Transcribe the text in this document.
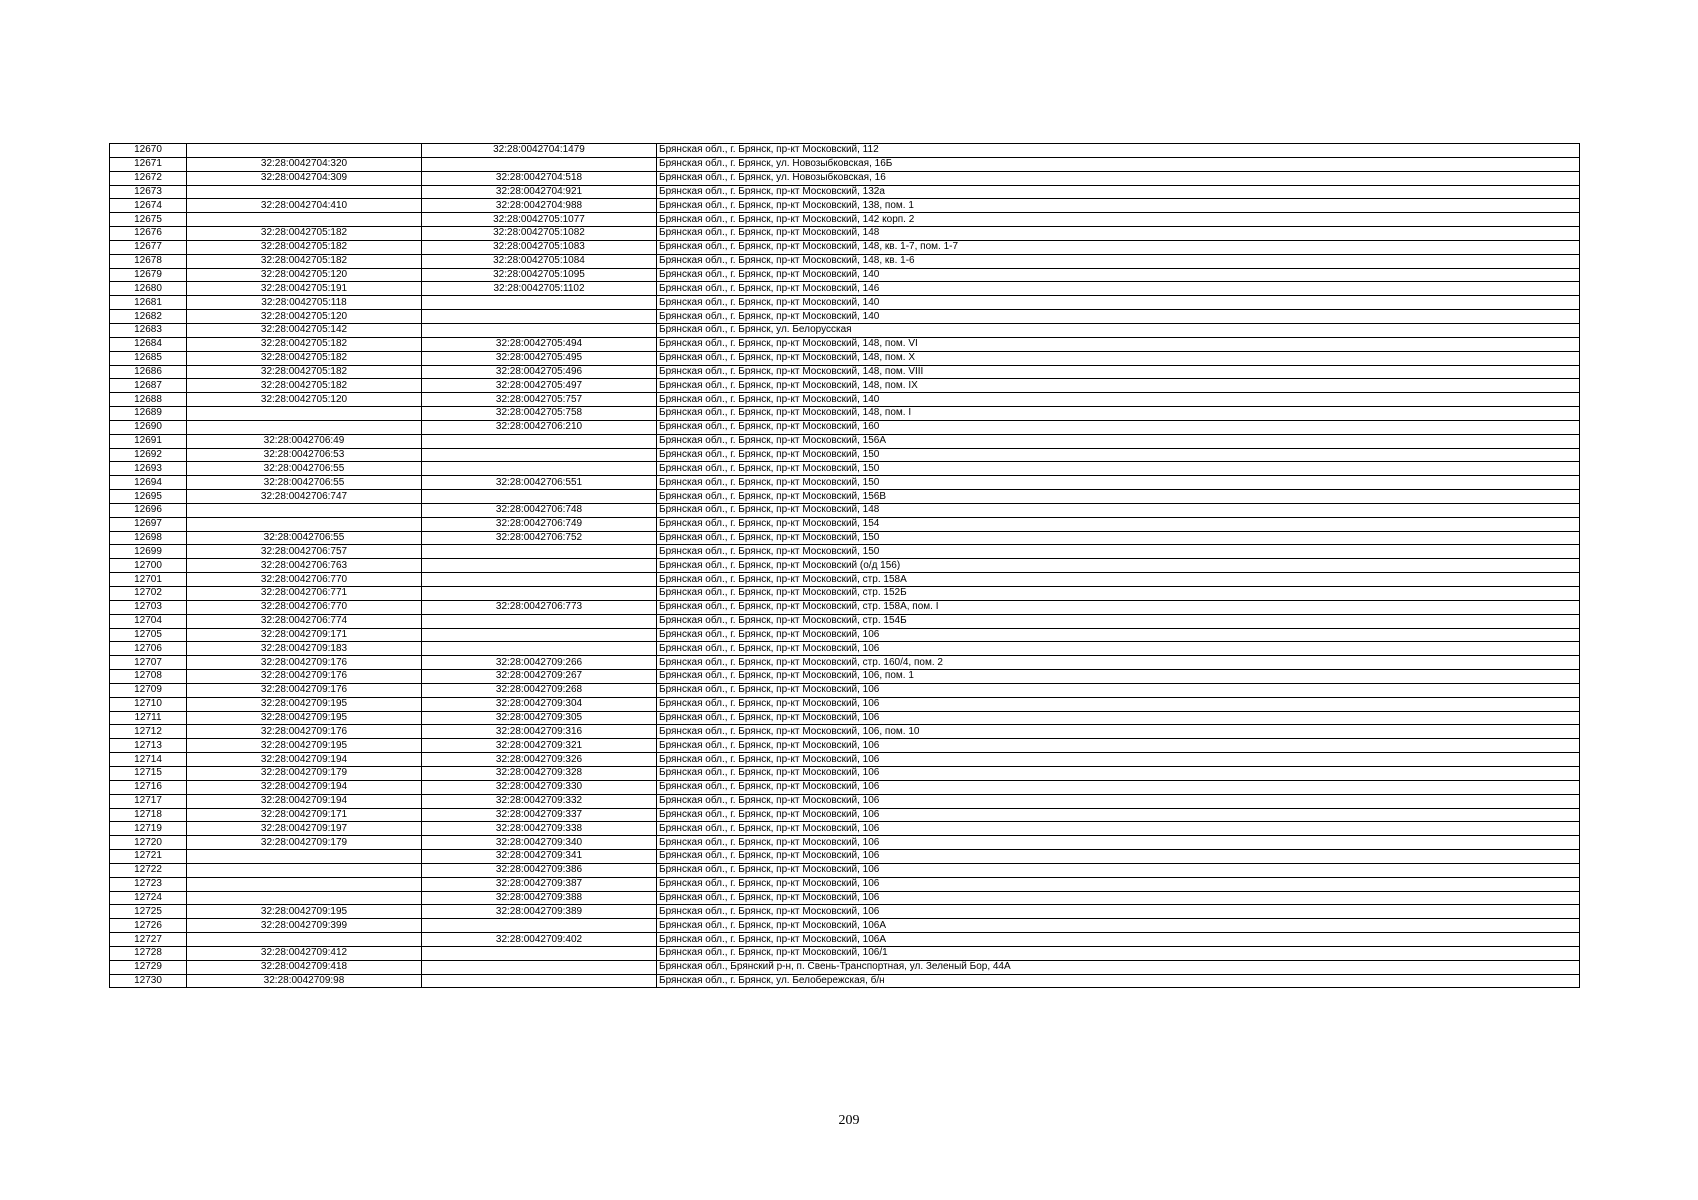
12670		32:28:0042704:1479	Брянская обл., г. Брянск, пр-кт Московский, 112
12671	32:28:0042704:320		Брянская обл., г. Брянск, ул. Новозыбковская, 16Б
12672	32:28:0042704:309	32:28:0042704:518	Брянская обл., г. Брянск, ул. Новозыбковская, 16
12673		32:28:0042704:921	Брянская обл., г. Брянск, пр-кт Московский, 132а
12674	32:28:0042704:410	32:28:0042704:988	Брянская обл., г. Брянск, пр-кт Московский, 138, пом. 1
12675		32:28:0042705:1077	Брянская обл., г. Брянск, пр-кт Московский, 142 корп. 2
12676	32:28:0042705:182	32:28:0042705:1082	Брянская обл., г. Брянск, пр-кт Московский, 148
12677	32:28:0042705:182	32:28:0042705:1083	Брянская обл., г. Брянск, пр-кт Московский, 148, кв. 1-7, пом. 1-7
12678	32:28:0042705:182	32:28:0042705:1084	Брянская обл., г. Брянск, пр-кт Московский, 148, кв. 1-6
12679	32:28:0042705:120	32:28:0042705:1095	Брянская обл., г. Брянск, пр-кт Московский, 140
12680	32:28:0042705:191	32:28:0042705:1102	Брянская обл., г. Брянск, пр-кт Московский, 146
12681	32:28:0042705:118		Брянская обл., г. Брянск, пр-кт Московский, 140
12682	32:28:0042705:120		Брянская обл., г. Брянск, пр-кт Московский, 140
12683	32:28:0042705:142		Брянская обл., г. Брянск, ул. Белорусская
12684	32:28:0042705:182	32:28:0042705:494	Брянская обл., г. Брянск, пр-кт Московский, 148, пом. VI
12685	32:28:0042705:182	32:28:0042705:495	Брянская обл., г. Брянск, пр-кт Московский, 148, пом. X
12686	32:28:0042705:182	32:28:0042705:496	Брянская обл., г. Брянск, пр-кт Московский, 148, пом. VIII
12687	32:28:0042705:182	32:28:0042705:497	Брянская обл., г. Брянск, пр-кт Московский, 148, пом. IX
12688	32:28:0042705:120	32:28:0042705:757	Брянская обл., г. Брянск, пр-кт Московский, 140
12689		32:28:0042705:758	Брянская обл., г. Брянск, пр-кт Московский, 148, пом. I
12690		32:28:0042706:210	Брянская обл., г. Брянск, пр-кт Московский, 160
12691	32:28:0042706:49		Брянская обл., г. Брянск, пр-кт Московский, 156А
12692	32:28:0042706:53		Брянская обл., г. Брянск, пр-кт Московский, 150
12693	32:28:0042706:55		Брянская обл., г. Брянск, пр-кт Московский, 150
12694	32:28:0042706:55	32:28:0042706:551	Брянская обл., г. Брянск, пр-кт Московский, 150
12695	32:28:0042706:747		Брянская обл., г. Брянск, пр-кт Московский, 156В
12696		32:28:0042706:748	Брянская обл., г. Брянск, пр-кт Московский, 148
12697		32:28:0042706:749	Брянская обл., г. Брянск, пр-кт Московский, 154
12698	32:28:0042706:55	32:28:0042706:752	Брянская обл., г. Брянск, пр-кт Московский, 150
12699	32:28:0042706:757		Брянская обл., г. Брянск, пр-кт Московский, 150
12700	32:28:0042706:763		Брянская обл., г. Брянск, пр-кт Московский (о/д 156)
12701	32:28:0042706:770		Брянская обл., г. Брянск, пр-кт Московский, стр. 158А
12702	32:28:0042706:771		Брянская обл., г. Брянск, пр-кт Московский, стр. 152Б
12703	32:28:0042706:770	32:28:0042706:773	Брянская обл., г. Брянск, пр-кт Московский, стр. 158А, пом. I
12704	32:28:0042706:774		Брянская обл., г. Брянск, пр-кт Московский, стр. 154Б
12705	32:28:0042709:171		Брянская обл., г. Брянск, пр-кт Московский, 106
12706	32:28:0042709:183		Брянская обл., г. Брянск, пр-кт Московский, 106
12707	32:28:0042709:176	32:28:0042709:266	Брянская обл., г. Брянск, пр-кт Московский, стр. 160/4, пом. 2
12708	32:28:0042709:176	32:28:0042709:267	Брянская обл., г. Брянск, пр-кт Московский, 106, пом. 1
12709	32:28:0042709:176	32:28:0042709:268	Брянская обл., г. Брянск, пр-кт Московский, 106
12710	32:28:0042709:195	32:28:0042709:304	Брянская обл., г. Брянск, пр-кт Московский, 106
12711	32:28:0042709:195	32:28:0042709:305	Брянская обл., г. Брянск, пр-кт Московский, 106
12712	32:28:0042709:176	32:28:0042709:316	Брянская обл., г. Брянск, пр-кт Московский, 106, пом. 10
12713	32:28:0042709:195	32:28:0042709:321	Брянская обл., г. Брянск, пр-кт Московский, 106
12714	32:28:0042709:194	32:28:0042709:326	Брянская обл., г. Брянск, пр-кт Московский, 106
12715	32:28:0042709:179	32:28:0042709:328	Брянская обл., г. Брянск, пр-кт Московский, 106
12716	32:28:0042709:194	32:28:0042709:330	Брянская обл., г. Брянск, пр-кт Московский, 106
12717	32:28:0042709:194	32:28:0042709:332	Брянская обл., г. Брянск, пр-кт Московский, 106
12718	32:28:0042709:171	32:28:0042709:337	Брянская обл., г. Брянск, пр-кт Московский, 106
12719	32:28:0042709:197	32:28:0042709:338	Брянская обл., г. Брянск, пр-кт Московский, 106
12720	32:28:0042709:179	32:28:0042709:340	Брянская обл., г. Брянск, пр-кт Московский, 106
12721		32:28:0042709:341	Брянская обл., г. Брянск, пр-кт Московский, 106
12722		32:28:0042709:386	Брянская обл., г. Брянск, пр-кт Московский, 106
12723		32:28:0042709:387	Брянская обл., г. Брянск, пр-кт Московский, 106
12724		32:28:0042709:388	Брянская обл., г. Брянск, пр-кт Московский, 106
12725	32:28:0042709:195	32:28:0042709:389	Брянская обл., г. Брянск, пр-кт Московский, 106
12726	32:28:0042709:399		Брянская обл., г. Брянск, пр-кт Московский, 106А
12727		32:28:0042709:402	Брянская обл., г. Брянск, пр-кт Московский, 106А
12728	32:28:0042709:412		Брянская обл., г. Брянск, пр-кт Московский, 106/1
12729	32:28:0042709:418		Брянская обл., Брянский р-н, п. Свень-Транспортная, ул. Зеленый Бор, 44А
12730	32:28:0042709:98		Брянская обл., г. Брянск, ул. Белобережская, б/н
209
